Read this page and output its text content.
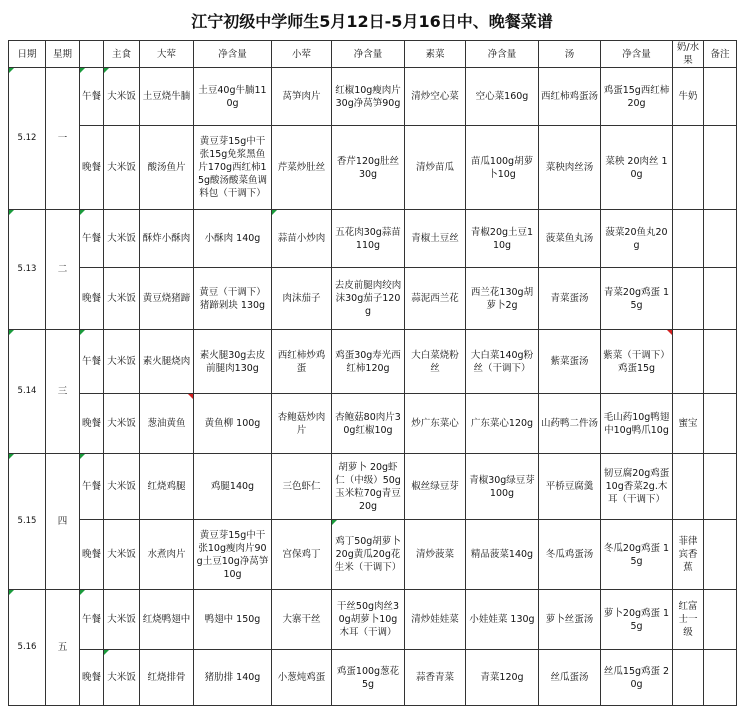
江宁初级中学师生5月12日-5月16日中、晚餐菜谱
日期	星期		主食	大荤	净含量	小荤	净含量	素菜	净含量	汤	净含量	奶/水果	备注
5.12	一	午餐	大米饭	土豆烧牛腩	土豆40g牛腩110g	莴笋肉片	红椒10g瘦肉片30g净莴笋90g	清炒空心菜	空心菜160g	西红柿鸡蛋汤	鸡蛋15g西红柿20g	牛奶	
		晚餐	大米饭	酸汤鱼片	黄豆芽15g中干张15g免浆黑鱼片170g西红柿15g酸汤酸菜鱼调料包（干调下）	芹菜炒肚丝	香芹120g肚丝30g	清炒苗瓜	苗瓜100g胡萝卜10g	菜秧肉丝汤	菜秧 20肉丝 10g		
5.13	二	午餐	大米饭	酥炸小酥肉	小酥肉 140g	蒜苗小炒肉	五花肉30g蒜苗110g	青椒土豆丝	青椒20g土豆110g	菠菜鱼丸汤	菠菜20鱼丸20g		
		晚餐	大米饭	黄豆烧猪蹄	黄豆（干调下）猪蹄剁块 130g	肉沫茄子	去皮前腿肉绞肉沫30g茄子120g	蒜泥西兰花	西兰花130g胡萝卜2g	青菜蛋汤	青菜20g鸡蛋 15g		
5.14	三	午餐	大米饭	素火腿烧肉	素火腿30g去皮前腿肉130g	西红柿炒鸡蛋	鸡蛋30g寿光西红柿120g	大白菜烧粉丝	大白菜140g粉丝（干调下）	紫菜蛋汤	紫菜（干调下）鸡蛋15g		
		晚餐	大米饭	葱油黄鱼	黄鱼柳 100g	杏鲍菇炒肉片	杏鲍菇80肉片30g红椒10g	炒广东菜心	广东菜心120g	山药鸭二件汤	毛山药10g鸭翅中10g鸭爪10g	蜜宝	
5.15	四	午餐	大米饭	红烧鸡腿	鸡腿140g	三色虾仁	胡萝卜 20g虾仁（中级）50g玉米粒70g青豆20g	椒丝绿豆芽	青椒30g绿豆芽100g	平桥豆腐羹	韧豆腐20g鸡蛋10g香菜2g.木耳（干调下）		
		晚餐	大米饭	水煮肉片	黄豆芽15g中干张10g瘦肉片90g土豆10g净莴笋10g	宫保鸡丁	鸡丁50g胡萝卜20g黄瓜20g花生米（干调下）	清炒菠菜	精品菠菜140g	冬瓜鸡蛋汤	冬瓜20g鸡蛋 15g	菲律宾香蕉	
5.16	五	午餐	大米饭	红烧鸭翅中	鸭翅中 150g	大寨干丝	干丝50g肉丝30g胡萝卜10g木耳（干调）	清炒娃娃菜	小娃娃菜 130g	萝卜丝蛋汤	萝卜20g鸡蛋 15g	红富士一级	
		晚餐	大米饭	红烧排骨	猪肋排 140g	小葱炖鸡蛋	鸡蛋100g葱花5g	蒜香青菜	青菜120g	丝瓜蛋汤	丝瓜15g鸡蛋 20g		
